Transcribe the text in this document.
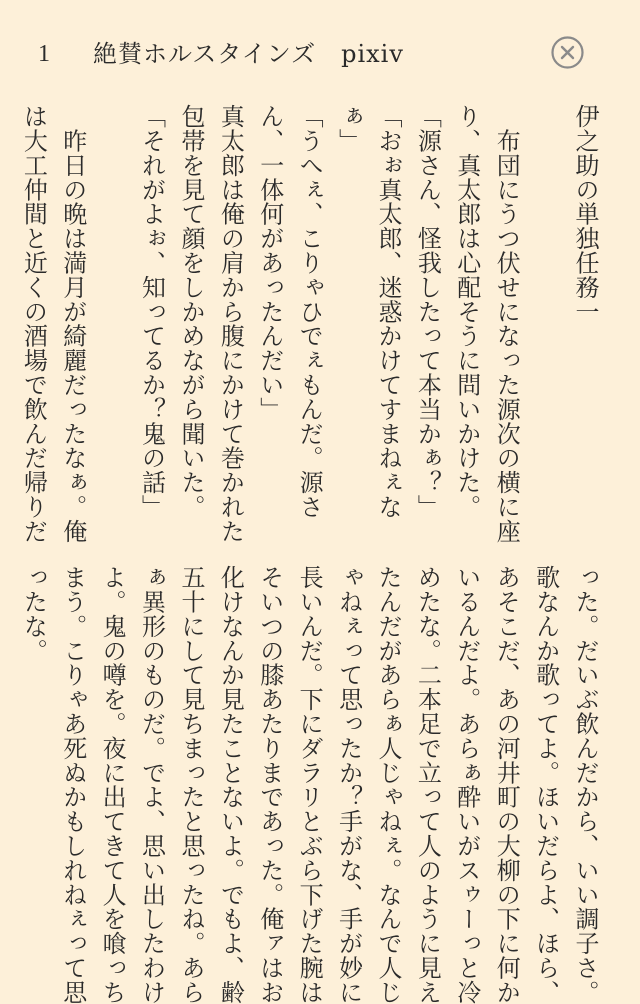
1 絶賛ホルスタインズ　pixiv
伊之助の単独任務一

　布団にうつ伏せになった源次の横に座
り、真太郎は心配そうに問いかけた。
「源さん、怪我したって本当かぁ？」
「おぉ真太郎、迷惑かけてすまねぇな
ぁ」
「うへぇ、こりゃひでぇもんだ。源さ
ん、一体何があったんだい」
真太郎は俺の肩から腹にかけて巻かれた
包帯を見て顔をしかめながら聞いた。
「それがよぉ、知ってるか？鬼の話」

　昨日の晩は満月が綺麗だったなぁ。俺
は大工仲間と近くの酒場で飲んだ帰りだ
った。だいぶ飲んだから、いい調子さ。
歌なんか歌ってよ。ほいだらよ、ほら、
あそこだ、あの河井町の大柳の下に何か
いるんだよ。あらぁ酔いがスゥーっと冷
めたな。二本足で立って人のように見え
たんだがあらぁ人じゃねぇ。なんで人じ
ゃねぇって思ったか？手がな、手が妙に
長いんだ。下にダラリとぶら下げた腕は
そいつの膝あたりまであった。俺ァはお
化けなんか見たことないよ。でもよ、齢
五十にして見ちまったと思ったね。あら
ぁ異形のものだ。でよ、思い出したわけ
よ。鬼の噂を。夜に出てきて人を喰っち
まう。こりゃあ死ぬかもしれねぇって思
ったな。
